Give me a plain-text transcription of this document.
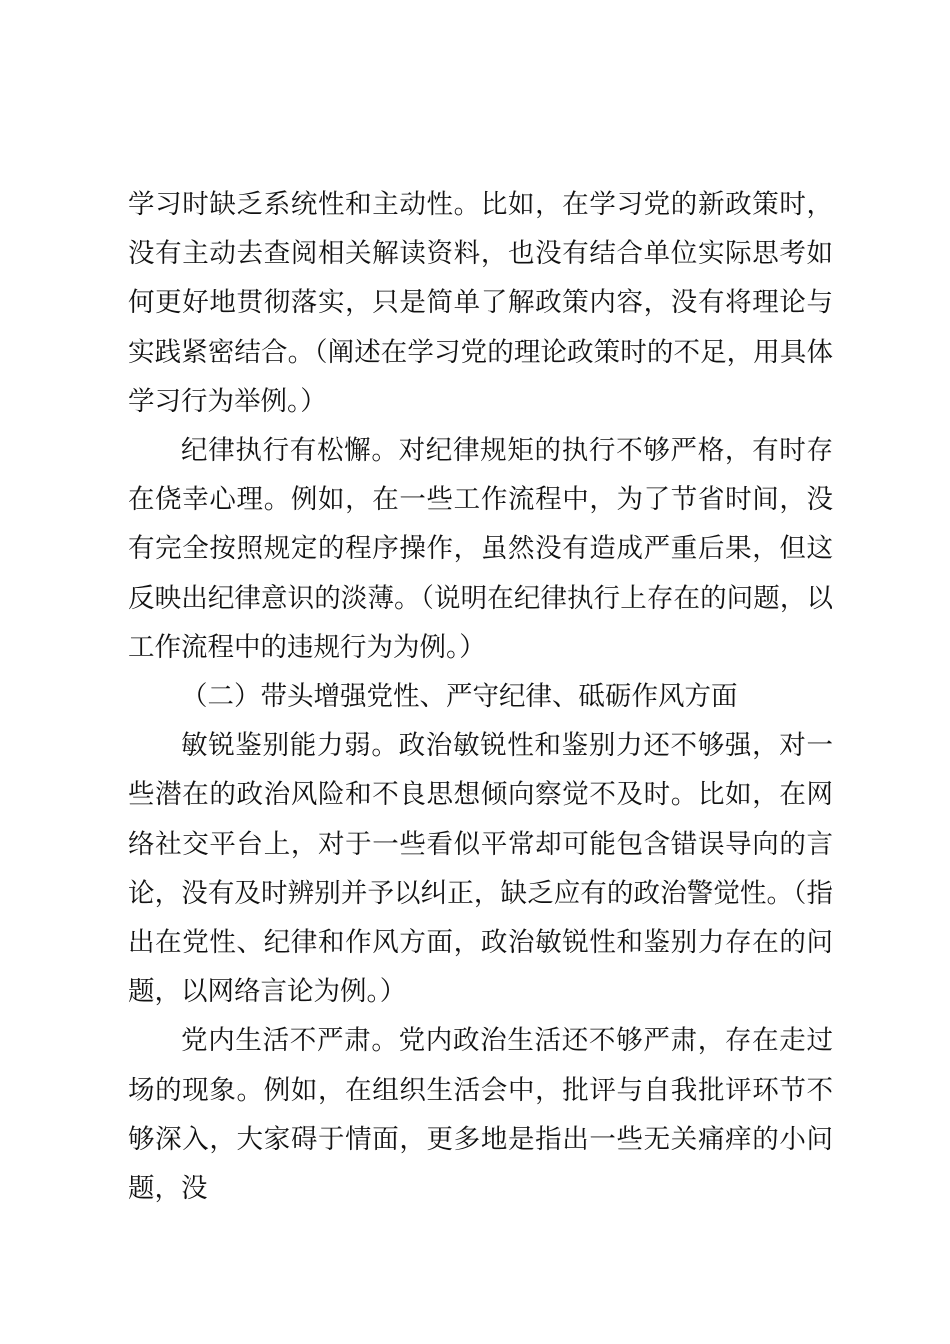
学习时缺乏系统性和主动性。比如，在学习党的新政策时，没有主动去查阅相关解读资料，也没有结合单位实际思考如何更好地贯彻落实，只是简单了解政策内容，没有将理论与实践紧密结合。（阐述在学习党的理论政策时的不足，用具体学习行为举例。）

纪律执行有松懈。对纪律规矩的执行不够严格，有时存在侥幸心理。例如，在一些工作流程中，为了节省时间，没有完全按照规定的程序操作，虽然没有造成严重后果，但这反映出纪律意识的淡薄。（说明在纪律执行上存在的问题，以工作流程中的违规行为为例。）

（二）带头增强党性、严守纪律、砥砺作风方面

敏锐鉴别能力弱。政治敏锐性和鉴别力还不够强，对一些潜在的政治风险和不良思想倾向察觉不及时。比如，在网络社交平台上，对于一些看似平常却可能包含错误导向的言论，没有及时辨别并予以纠正，缺乏应有的政治警觉性。（指出在党性、纪律和作风方面，政治敏锐性和鉴别力存在的问题，以网络言论为例。）

党内生活不严肃。党内政治生活还不够严肃，存在走过场的现象。例如，在组织生活会中，批评与自我批评环节不够深入，大家碍于情面，更多地是指出一些无关痛痒的小问题，没
